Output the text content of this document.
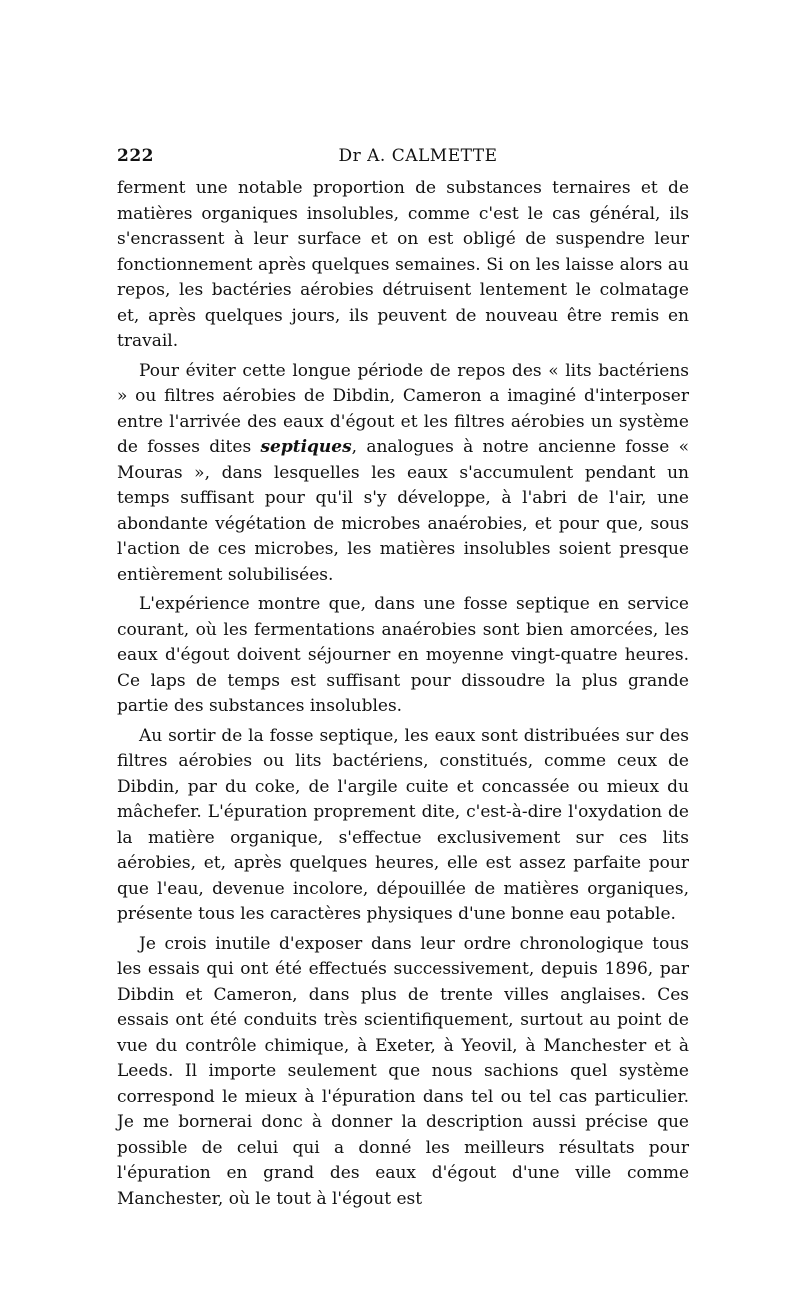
222	Dr A. CALMETTE

ferment une notable proportion de substances ternaires et de matières organiques insolubles, comme c'est le cas général, ils s'encrassent à leur surface et on est obligé de suspendre leur fonctionnement après quelques semaines. Si on les laisse alors au repos, les bactéries aérobies détruisent lentement le colmatage et, après quelques jours, ils peuvent de nouveau être remis en travail.

Pour éviter cette longue période de repos des « lits bactériens » ou filtres aérobies de Dibdin, Cameron a imaginé d'interposer entre l'arrivée des eaux d'égout et les filtres aérobies un système de fosses dites septiques, analogues à notre ancienne fosse « Mouras », dans lesquelles les eaux s'accumulent pendant un temps suffisant pour qu'il s'y développe, à l'abri de l'air, une abondante végétation de microbes anaérobies, et pour que, sous l'action de ces microbes, les matières insolubles soient presque entièrement solubilisées.

L'expérience montre que, dans une fosse septique en service courant, où les fermentations anaérobies sont bien amorcées, les eaux d'égout doivent séjourner en moyenne vingt-quatre heures. Ce laps de temps est suffisant pour dissoudre la plus grande partie des substances insolubles.

Au sortir de la fosse septique, les eaux sont distribuées sur des filtres aérobies ou lits bactériens, constitués, comme ceux de Dibdin, par du coke, de l'argile cuite et concassée ou mieux du mâchefer. L'épuration proprement dite, c'est-à-dire l'oxydation de la matière organique, s'effectue exclusivement sur ces lits aérobies, et, après quelques heures, elle est assez parfaite pour que l'eau, devenue incolore, dépouillée de matières organiques, présente tous les caractères physiques d'une bonne eau potable.

Je crois inutile d'exposer dans leur ordre chronologique tous les essais qui ont été effectués successivement, depuis 1896, par Dibdin et Cameron, dans plus de trente villes anglaises. Ces essais ont été conduits très scientifiquement, surtout au point de vue du contrôle chimique, à Exeter, à Yeovil, à Manchester et à Leeds. Il importe seulement que nous sachions quel système correspond le mieux à l'épuration dans tel ou tel cas particulier. Je me bornerai donc à donner la description aussi précise que possible de celui qui a donné les meilleurs résultats pour l'épuration en grand des eaux d'égout d'une ville comme Manchester, où le tout à l'égout est
